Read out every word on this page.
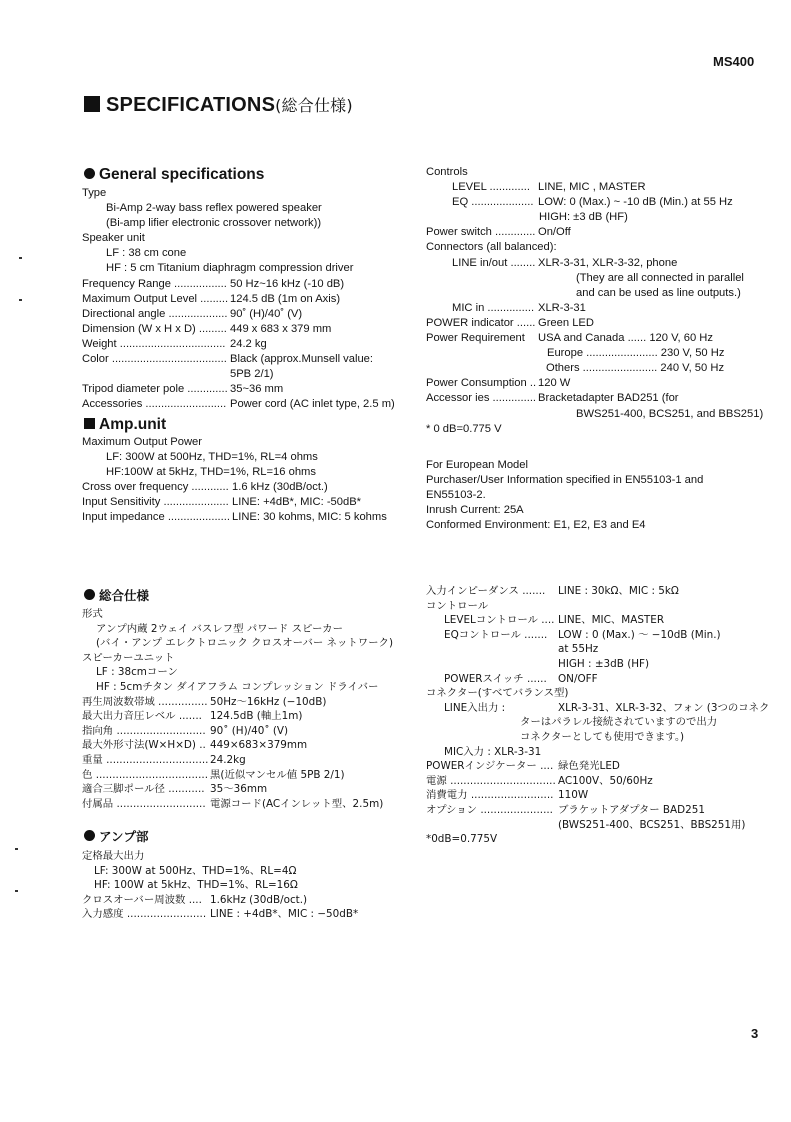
MS400
SPECIFICATIONS(総合仕様)
General specifications
Type
Bi-Amp 2-way bass reflex powered speaker
(Bi-amp lifier electronic crossover network))
Speaker unit
LF : 38 cm cone
HF : 5 cm Titanium diaphragm compression driver
Frequency Range ................. 50 Hz~16 kHz (-10 dB)
Maximum Output Level ......... 124.5 dB (1m on Axis)
Directional angle ................... 90˚ (H)/40˚ (V)
Dimension (W x H x D) ......... 449 x 683 x 379 mm
Weight .................................. 24.2 kg
Color ..................................... Black (approx.Munsell value:
5PB 2/1)
Tripod diameter pole ............. 35~36 mm
Accessories .......................... Power cord (AC inlet type, 2.5 m)
Amp.unit
Maximum Output Power
LF: 300W at 500Hz, THD=1%, RL=4 ohms
HF:100W at 5kHz, THD=1%, RL=16 ohms
Cross over frequency ............ 1.6 kHz (30dB/oct.)
Input Sensitivity ..................... LINE: +4dB*, MIC: -50dB*
Input impedance .................... LINE: 30 kohms, MIC: 5 kohms
Controls
LEVEL ............. LINE, MIC , MASTER
EQ .................... LOW: 0 (Max.) ~ -10 dB (Min.) at 55 Hz
HIGH: ±3 dB (HF)
Power switch ............. On/Off
Connectors (all balanced):
LINE in/out ........ XLR-3-31, XLR-3-32, phone
(They are all connected in parallel
and can be used as line outputs.)
MIC in ............... XLR-3-31
POWER indicator ...... Green LED
Power Requirement USA and Canada ...... 120 V, 60 Hz
Europe ....................... 230 V, 50 Hz
Others ........................ 240 V, 50 Hz
Power Consumption .. 120 W
Accessor ies .............. Bracketadapter BAD251 (for
BWS251-400, BCS251, and BBS251)
* 0 dB=0.775 V
For European Model
Purchaser/User Information specified in EN55103-1 and
EN55103-2.
Inrush Current: 25A
Conformed Environment: E1, E2, E3 and E4
総合仕様
形式
アンプ内蔵 2ウェイ バスレフ型 パワード スピーカー
(バイ・アンプ エレクトロニック クロスオーバー ネットワーク)
スピーカーユニット
LF : 38cmコーン
HF : 5cmチタン ダイアフラム コンプレッション ドライバー
再生周波数帯域 ............... 50Hz〜16kHz (−10dB)
最大出力音圧レベル ....... 124.5dB (軸上1m)
指向角 ........................... 90˚ (H)/40˚ (V)
最大外形寸法(W×H×D) .. 449×683×379mm
重量 ............................... 24.2kg
色 .................................. 黒(近似マンセル値 5PB 2/1)
適合三脚ポール径 ........... 35〜36mm
付属品 ........................... 電源コード(ACインレット型、2.5m)
アンプ部
定格最大出力
LF: 300W at 500Hz、THD=1%、RL=4Ω
HF: 100W at 5kHz、THD=1%、RL=16Ω
クロスオーバー周波数 .... 1.6kHz (30dB/oct.)
入力感度 ........................ LINE : +4dB*、MIC : −50dB*
入力インピーダンス ....... LINE : 30kΩ、MIC : 5kΩ
コントロール
LEVELコントロール .... LINE、MIC、MASTER
EQコントロール ....... LOW : 0 (Max.) 〜 −10dB (Min.)
at 55Hz
HIGH : ±3dB (HF)
POWERスイッチ ...... ON/OFF
コネクター(すべてバランス型)
LINE入出力 :	XLR-3-31、XLR-3-32、フォン (3つのコネク
ターはパラレル接続されていますので出力
コネクターとしても使用できます。)
MIC入力 : XLR-3-31
POWERインジケーター .... 緑色発光LED
電源 ................................ AC100V、50/60Hz
消費電力 ......................... 110W
オプション ...................... ブラケットアダプター BAD251
(BWS251-400、BCS251、BBS251用)
*0dB=0.775V
3
